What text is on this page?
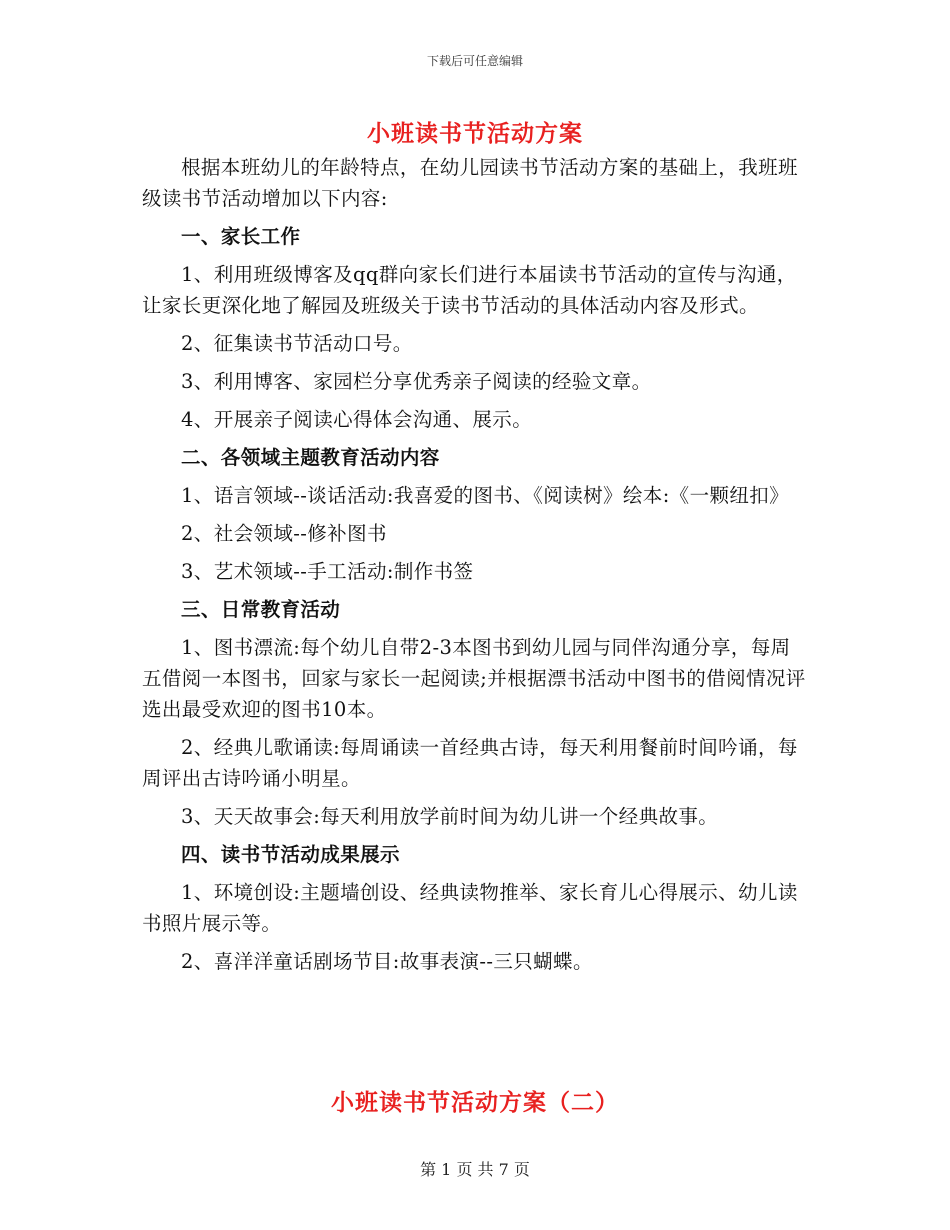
下载后可任意编辑
小班读书节活动方案

根据本班幼儿的年龄特点，在幼儿园读书节活动方案的基础上，我班班级读书节活动增加以下内容:

一、家长工作

1、利用班级博客及qq群向家长们进行本届读书节活动的宣传与沟通，让家长更深化地了解园及班级关于读书节活动的具体活动内容及形式。

2、征集读书节活动口号。

3、利用博客、家园栏分享优秀亲子阅读的经验文章。

4、开展亲子阅读心得体会沟通、展示。

二、各领域主题教育活动内容

1、语言领域--谈话活动:我喜爱的图书、《阅读树》绘本:《一颗纽扣》

2、社会领域--修补图书

3、艺术领域--手工活动:制作书签

三、日常教育活动

1、图书漂流:每个幼儿自带2-3本图书到幼儿园与同伴沟通分享，每周五借阅一本图书，回家与家长一起阅读;并根据漂书活动中图书的借阅情况评选出最受欢迎的图书10本。

2、经典儿歌诵读:每周诵读一首经典古诗，每天利用餐前时间吟诵，每周评出古诗吟诵小明星。

3、天天故事会:每天利用放学前时间为幼儿讲一个经典故事。

四、读书节活动成果展示

1、环境创设:主题墙创设、经典读物推举、家长育儿心得展示、幼儿读书照片展示等。

2、喜洋洋童话剧场节目:故事表演--三只蝴蝶。

小班读书节活动方案（二）
第 1 页 共 7 页
